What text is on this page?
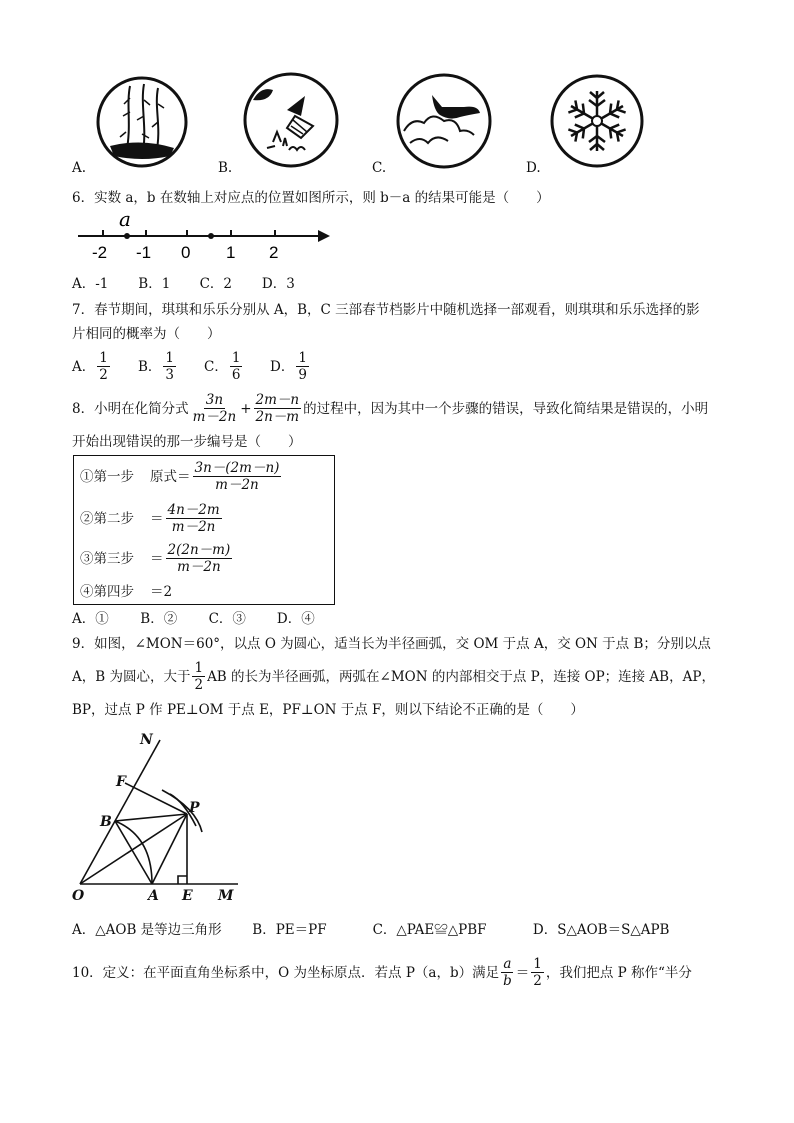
A.	B.	C.	D.
6．实数 a，b 在数轴上对应点的位置如图所示，则 b－a 的结果可能是（　　）
a
-2 -1 0 1 2
A．-1 B．1 C．2 D．3
7．春节期间，琪琪和乐乐分别从 A，B，C 三部春节档影片中随机选择一部观看，则琪琪和乐乐选择的影
片相同的概率为（　　）
A． $\frac{1}{2}$ B． $\frac{1}{3}$ C． $\frac{1}{6}$ D． $\frac{1}{9}$
8．小明在化简分式 $\frac{3n}{m-2n} + \frac{2m-n}{2n-m}$ 的过程中，因为其中一个步骤的错误，导致化简结果是错误的，小明
开始出现错误的那一步编号是（　　）
①第一步	原式＝ $\frac{3n-(2m-n)}{m-2n}$
②第二步	＝ $\frac{4n-2m}{m-2n}$
③第三步	＝ $\frac{2(2n-m)}{m-2n}$
④第四步	＝2
A．① B．② C．③ D．④
9．如图，∠MON＝60°，以点 O 为圆心，适当长为半径画弧，交 OM 于点 A，交 ON 于点 B；分别以点
A，B 为圆心，大于 $\frac{1}{2}$ AB 的长为半径画弧，两弧在∠MON 的内部相交于点 P，连接 OP；连接 AB，AP，
BP，过点 P 作 PE⊥OM 于点 E，PF⊥ON 于点 F，则以下结论不正确的是（　　）
N
F
P
B
O	A E M
A．△AOB 是等边三角形 B．PE＝PF	C．△PAE≌△PBF	D．S△AOB＝S△APB
10．定义：在平面直角坐标系中，O 为坐标原点．若点 P（a，b）满足 $\frac{a}{b} = \frac{1}{2}$ ，我们把点 P 称作“半分
